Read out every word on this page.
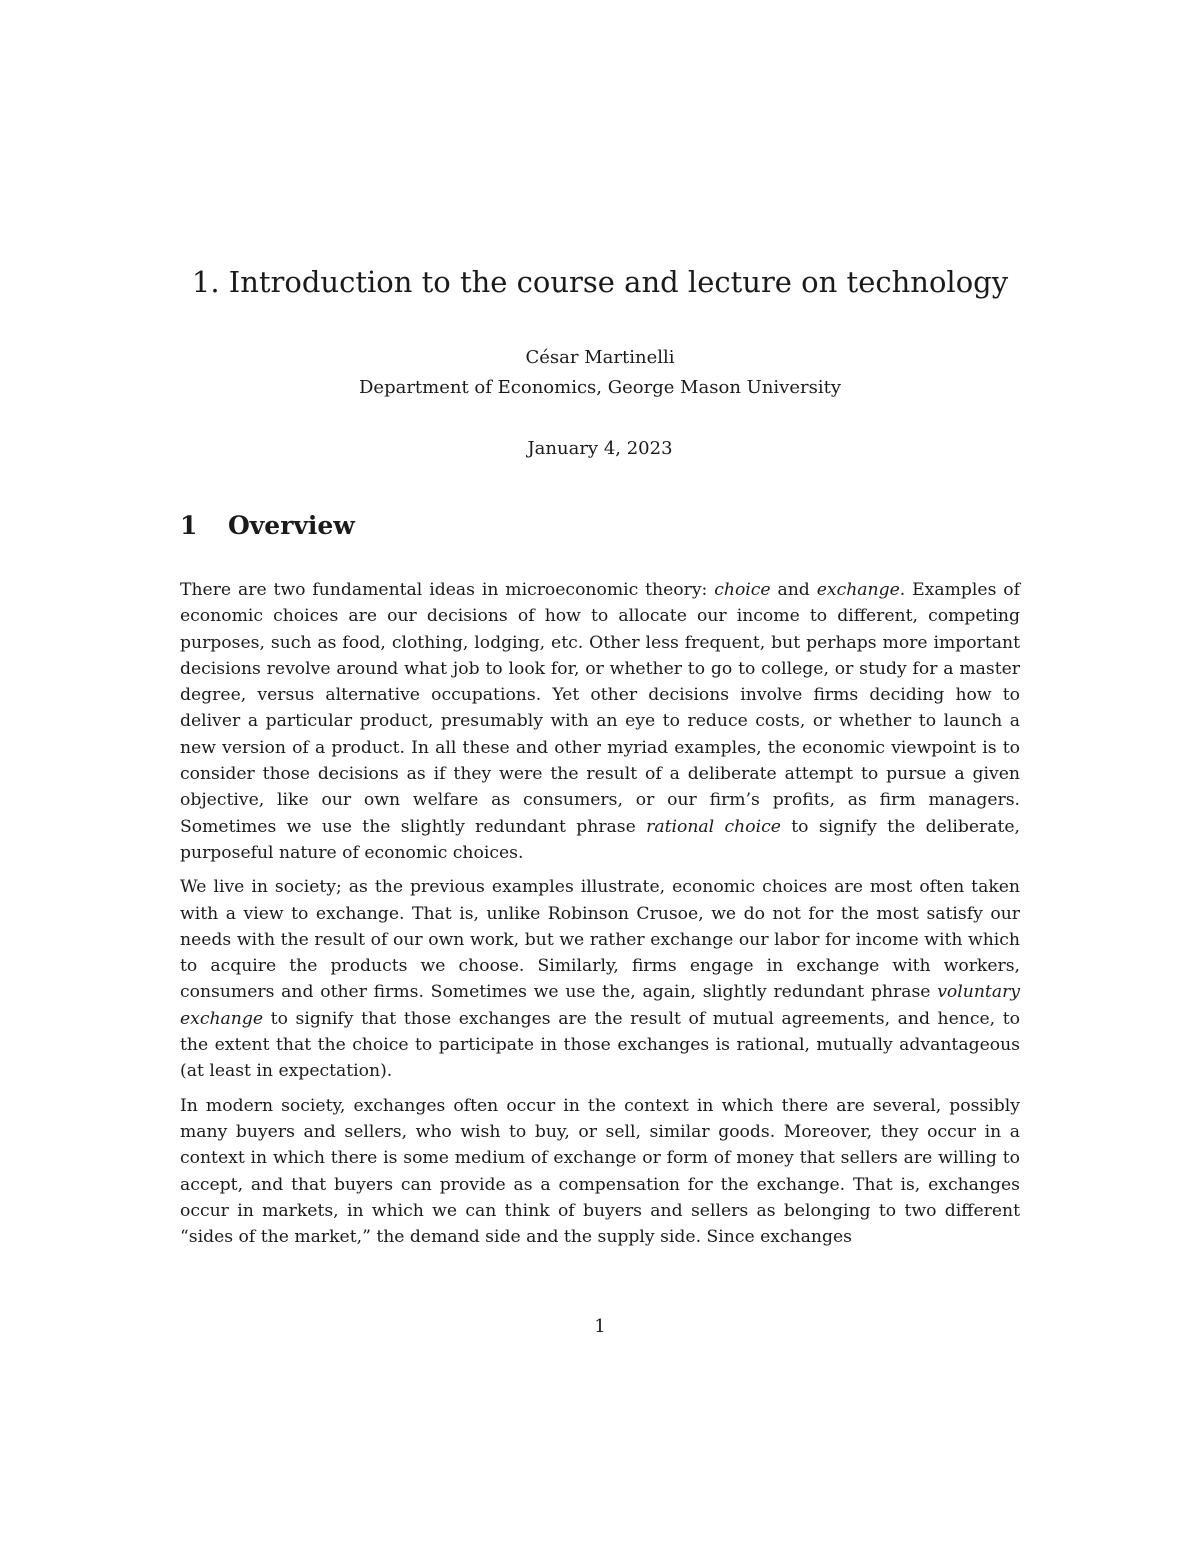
1. Introduction to the course and lecture on technology
César Martinelli
Department of Economics, George Mason University
January 4, 2023
1 Overview

There are two fundamental ideas in microeconomic theory: choice and exchange. Examples of economic choices are our decisions of how to allocate our income to different, competing purposes, such as food, clothing, lodging, etc. Other less frequent, but perhaps more important decisions revolve around what job to look for, or whether to go to college, or study for a master degree, versus alternative occupations. Yet other decisions involve firms deciding how to deliver a particular product, presumably with an eye to reduce costs, or whether to launch a new version of a product. In all these and other myriad examples, the economic viewpoint is to consider those decisions as if they were the result of a deliberate attempt to pursue a given objective, like our own welfare as consumers, or our firm’s profits, as firm managers. Sometimes we use the slightly redundant phrase rational choice to signify the deliberate, purposeful nature of economic choices.

We live in society; as the previous examples illustrate, economic choices are most often taken with a view to exchange. That is, unlike Robinson Crusoe, we do not for the most satisfy our needs with the result of our own work, but we rather exchange our labor for income with which to acquire the products we choose. Similarly, firms engage in exchange with workers, consumers and other firms. Sometimes we use the, again, slightly redundant phrase voluntary exchange to signify that those exchanges are the result of mutual agreements, and hence, to the extent that the choice to participate in those exchanges is rational, mutually advantageous (at least in expectation).

In modern society, exchanges often occur in the context in which there are several, possibly many buyers and sellers, who wish to buy, or sell, similar goods. Moreover, they occur in a context in which there is some medium of exchange or form of money that sellers are willing to accept, and that buyers can provide as a compensation for the exchange. That is, exchanges occur in markets, in which we can think of buyers and sellers as belonging to two different “sides of the market,” the demand side and the supply side. Since exchanges

1
